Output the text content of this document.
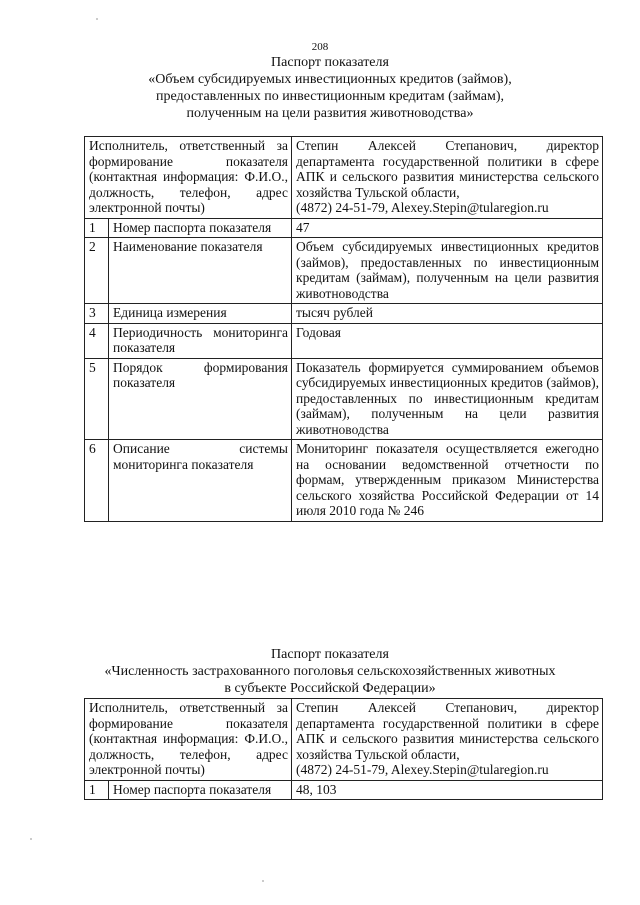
208
Паспорт показателя
«Объем субсидируемых инвестиционных кредитов (займов),
предоставленных по инвестиционным кредитам (займам),
полученным на цели развития животноводства»
Исполнитель, ответственный за формирование показателя (контактная информация: Ф.И.О., должность, телефон, адрес электронной почты)		Степин Алексей Степанович, директор департамента государственной политики в сфере АПК и сельского развития министерства сельского хозяйства Тульской области,
(4872) 24-51-79, Alexey.Stepin@tularegion.ru

1	Номер паспорта показателя	47
2	Наименование показателя	Объем субсидируемых инвестиционных кредитов (займов), предоставленных по инвестиционным кредитам (займам), полученным на цели развития животноводства
3	Единица измерения	тысяч рублей
4	Периодичность мониторинга показателя	Годовая
5	Порядок формирования показателя	Показатель формируется суммированием объемов субсидируемых инвестиционных кредитов (займов), предоставленных по инвестиционным кредитам (займам), полученным на цели развития животноводства
6	Описание системы мониторинга показателя	Мониторинг показателя осуществляется ежегодно на основании ведомственной отчетности по формам, утвержденным приказом Министерства сельского хозяйства Российской Федерации от 14 июля 2010 года № 246
Паспорт показателя
«Численность застрахованного поголовья сельскохозяйственных животных
в субъекте Российской Федерации»
Исполнитель, ответственный за формирование показателя (контактная информация: Ф.И.О., должность, телефон, адрес электронной почты)		Степин Алексей Степанович, директор департамента государственной политики в сфере АПК и сельского развития министерства сельского хозяйства Тульской области,
(4872) 24-51-79, Alexey.Stepin@tularegion.ru

1	Номер паспорта показателя	48, 103
